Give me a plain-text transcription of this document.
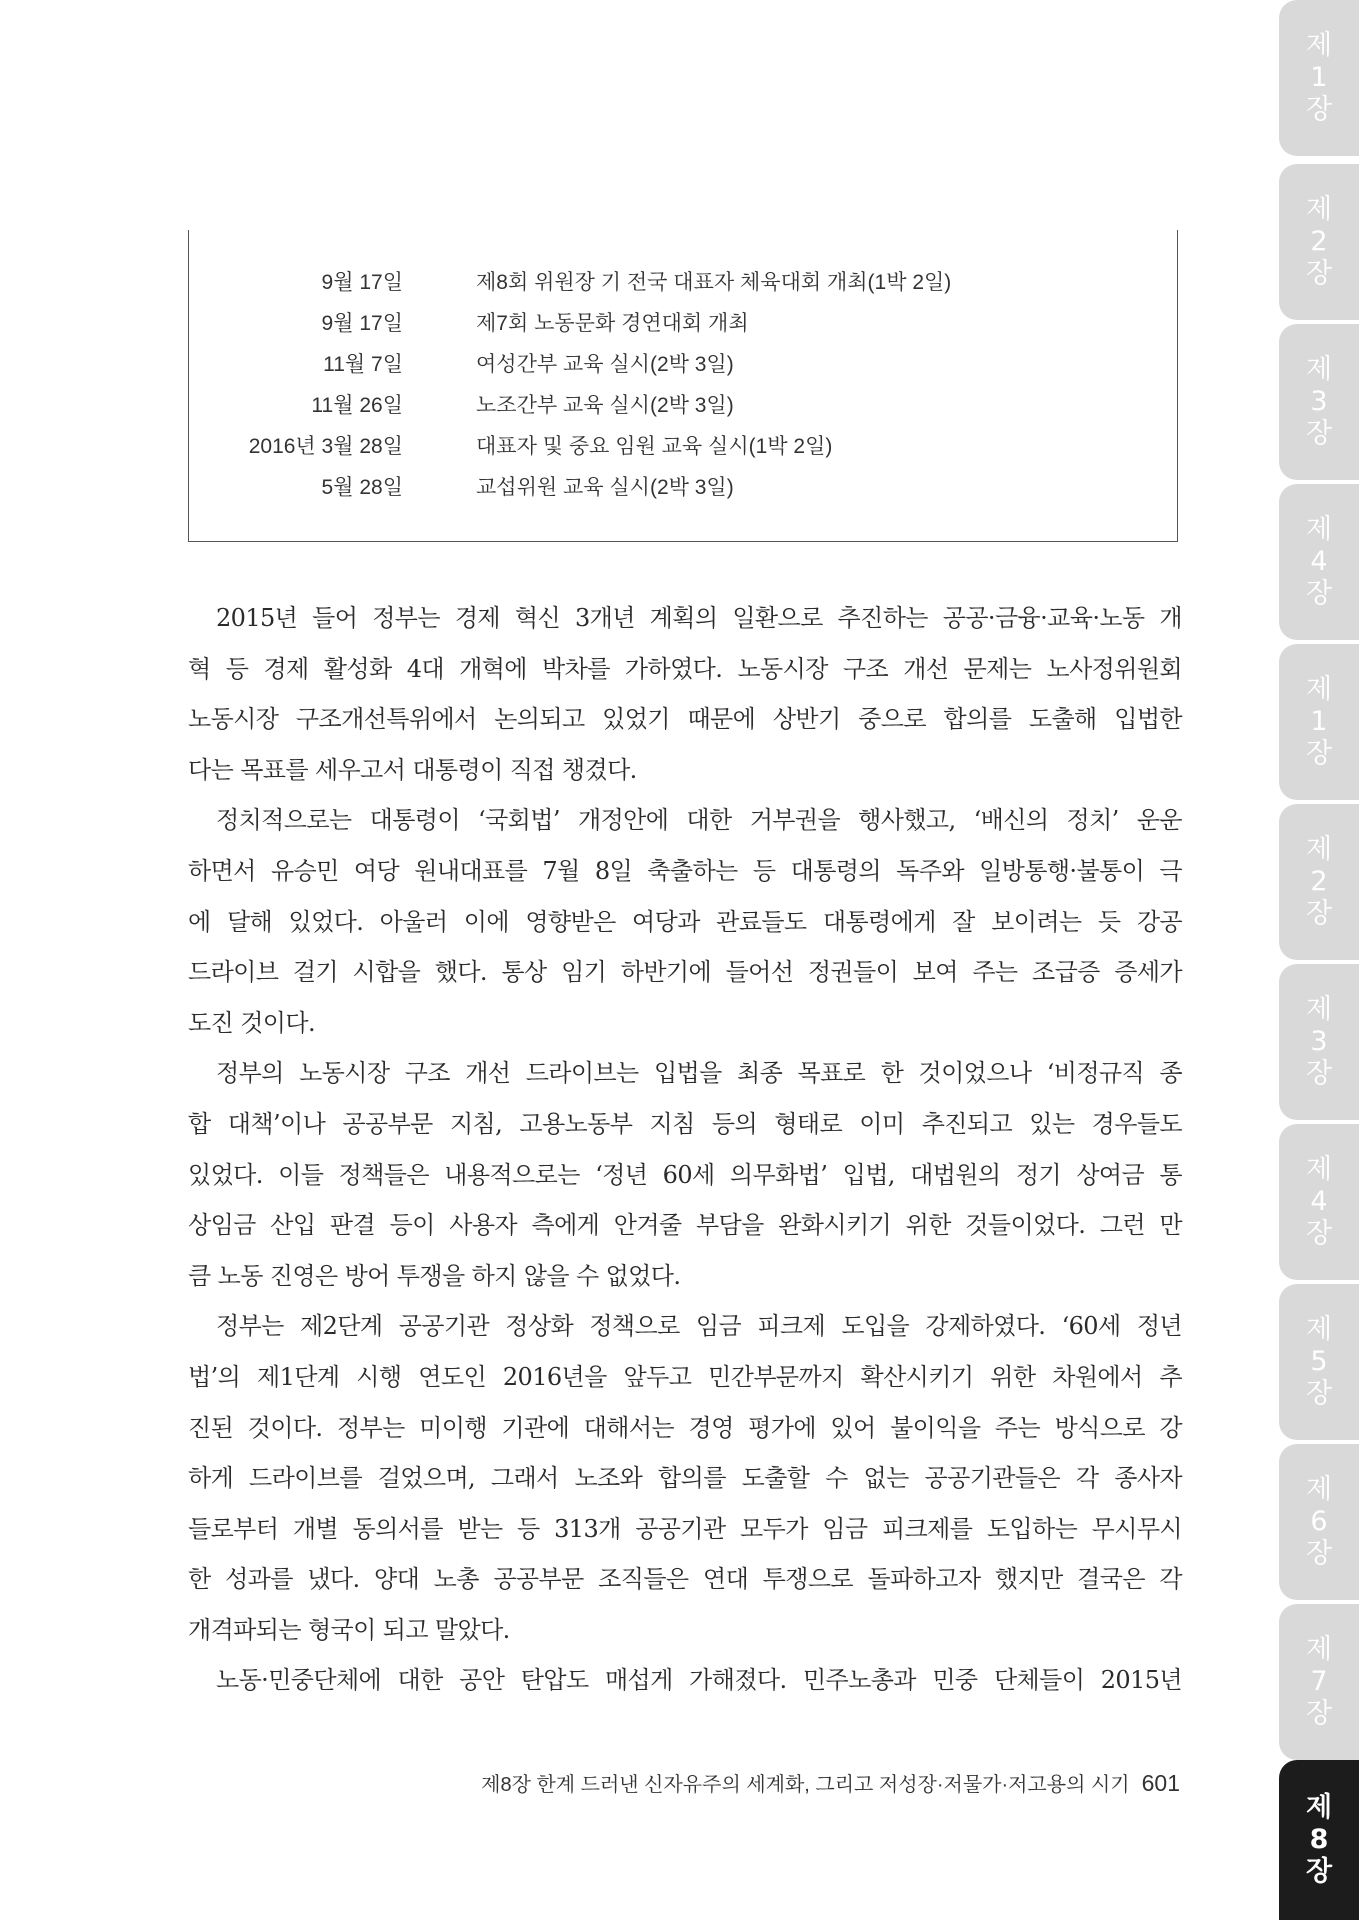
제
1
장
제
2
장
제
3
장
제
4
장
제
1
장
제
2
장
제
3
장
제
4
장
제
5
장
제
6
장
제
7
장
제
8
장
9월 17일	제8회 위원장 기 전국 대표자 체육대회 개최(1박 2일)
9월 17일	제7회 노동문화 경연대회 개최
11월 7일	여성간부 교육 실시(2박 3일)
11월 26일	노조간부 교육 실시(2박 3일)
2016년 3월 28일	대표자 및 중요 임원 교육 실시(1박 2일)
5월 28일	교섭위원 교육 실시(2박 3일)
2015년 들어 정부는 경제 혁신 3개년 계획의 일환으로 추진하는 공공·금융·교육·노동 개
혁 등 경제 활성화 4대 개혁에 박차를 가하였다. 노동시장 구조 개선 문제는 노사정위원회
노동시장 구조개선특위에서 논의되고 있었기 때문에 상반기 중으로 합의를 도출해 입법한
다는 목표를 세우고서 대통령이 직접 챙겼다.
정치적으로는 대통령이 ‘국회법’ 개정안에 대한 거부권을 행사했고, ‘배신의 정치’ 운운
하면서 유승민 여당 원내대표를 7월 8일 축출하는 등 대통령의 독주와 일방통행·불통이 극
에 달해 있었다. 아울러 이에 영향받은 여당과 관료들도 대통령에게 잘 보이려는 듯 강공
드라이브 걸기 시합을 했다. 통상 임기 하반기에 들어선 정권들이 보여 주는 조급증 증세가
도진 것이다.
정부의 노동시장 구조 개선 드라이브는 입법을 최종 목표로 한 것이었으나 ‘비정규직 종
합 대책’이나 공공부문 지침, 고용노동부 지침 등의 형태로 이미 추진되고 있는 경우들도
있었다. 이들 정책들은 내용적으로는 ‘정년 60세 의무화법’ 입법, 대법원의 정기 상여금 통
상임금 산입 판결 등이 사용자 측에게 안겨줄 부담을 완화시키기 위한 것들이었다. 그런 만
큼 노동 진영은 방어 투쟁을 하지 않을 수 없었다.
정부는 제2단계 공공기관 정상화 정책으로 임금 피크제 도입을 강제하였다. ‘60세 정년
법’의 제1단계 시행 연도인 2016년을 앞두고 민간부문까지 확산시키기 위한 차원에서 추
진된 것이다. 정부는 미이행 기관에 대해서는 경영 평가에 있어 불이익을 주는 방식으로 강
하게 드라이브를 걸었으며, 그래서 노조와 합의를 도출할 수 없는 공공기관들은 각 종사자
들로부터 개별 동의서를 받는 등 313개 공공기관 모두가 임금 피크제를 도입하는 무시무시
한 성과를 냈다. 양대 노총 공공부문 조직들은 연대 투쟁으로 돌파하고자 했지만 결국은 각
개격파되는 형국이 되고 말았다.
노동·민중단체에 대한 공안 탄압도 매섭게 가해졌다. 민주노총과 민중 단체들이 2015년
제8장 한계 드러낸 신자유주의 세계화, 그리고 저성장·저물가·저고용의 시기 601
